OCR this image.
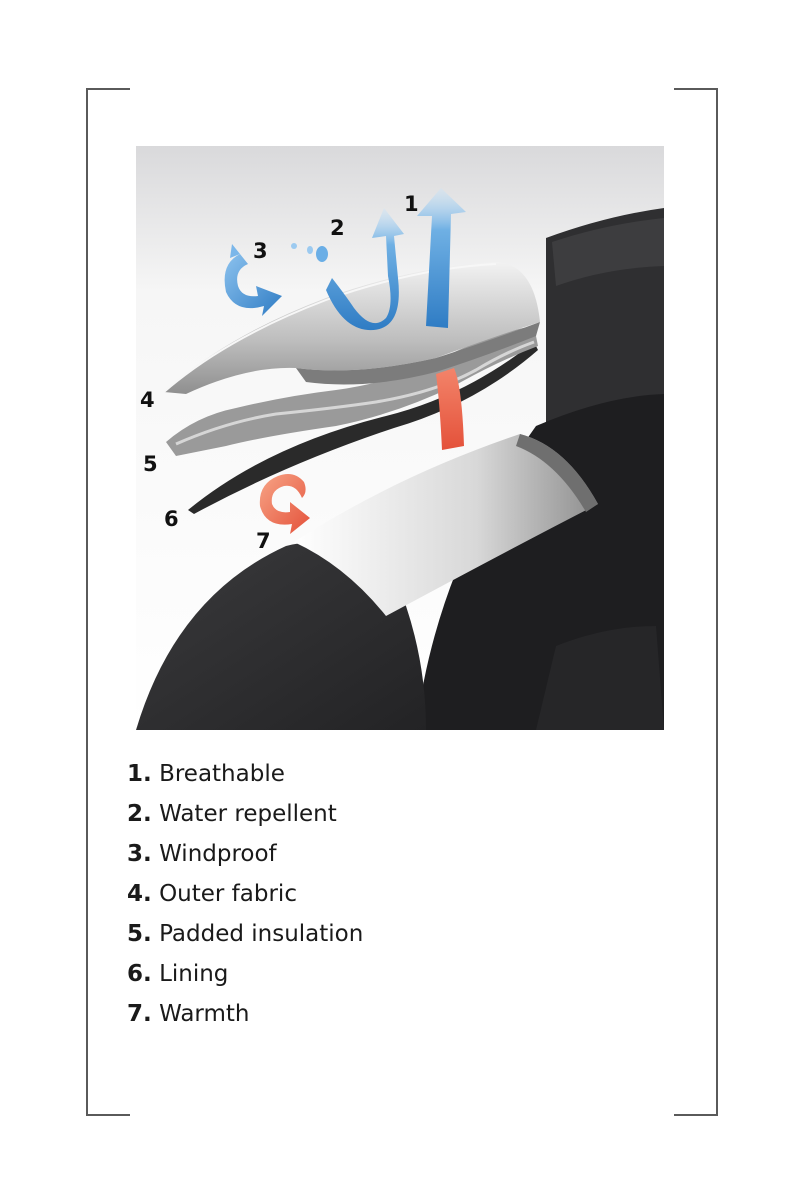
1
2
3
4
5
6
7
1. Breathable
2. Water repellent
3. Windproof
4. Outer fabric
5. Padded insulation
6. Lining
7. Warmth
